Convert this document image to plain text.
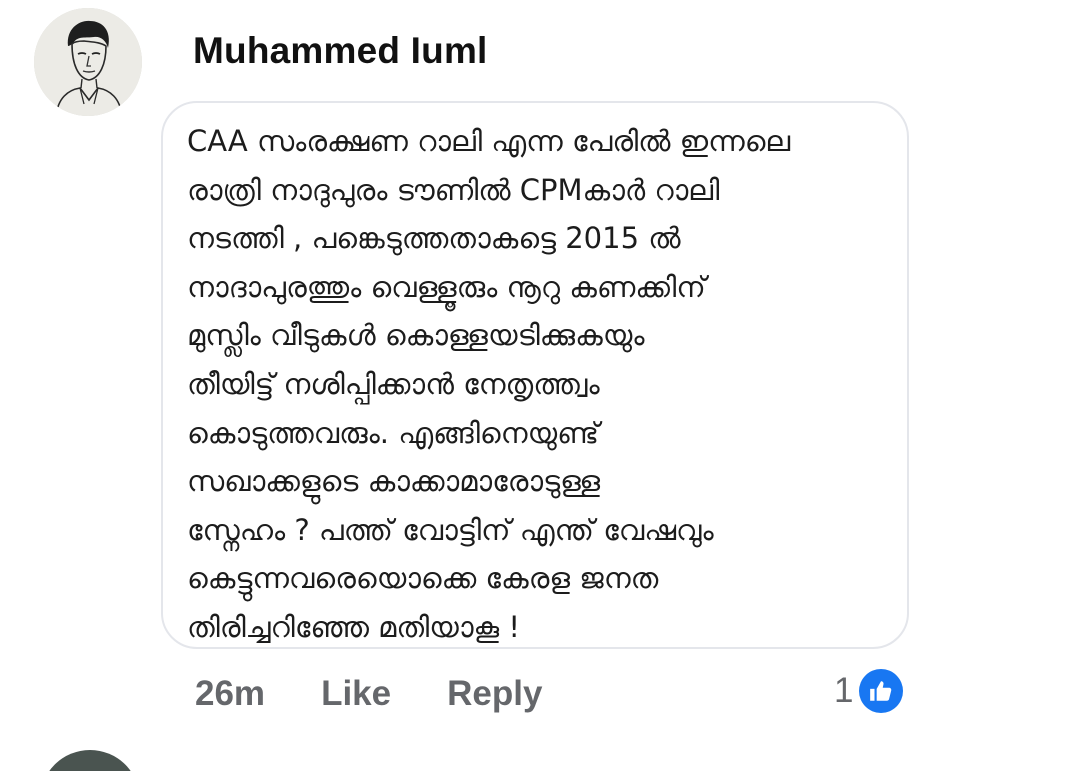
Muhammed Iuml
CAA സംരക്ഷണ റാലി എന്ന പേരിൽ ഇന്നലെ
രാത്രി നാദുപുരം ടൗണിൽ CPMകാർ റാലി
നടത്തി , പങ്കെടുത്തതാകട്ടെ 2015 ൽ
നാദാപുരത്തും വെള്ളൂരും നൂറു കണക്കിന്
മുസ്ലിം വീടുകൾ കൊള്ളയടിക്കുകയും
തീയിട്ട് നശിപ്പിക്കാൻ നേതൃത്ത്വം
കൊടുത്തവരും. എങ്ങിനെയുണ്ട്
സഖാക്കളുടെ കാക്കാമാരോടുള്ള
സ്നേഹം ? പത്ത് വോട്ടിന് എന്ത് വേഷവും
കെട്ടുന്നവരെയൊക്കെ കേരള ജനത
തിരിച്ചറിഞ്ഞേ മതിയാകൂ !
26m Like Reply	1
